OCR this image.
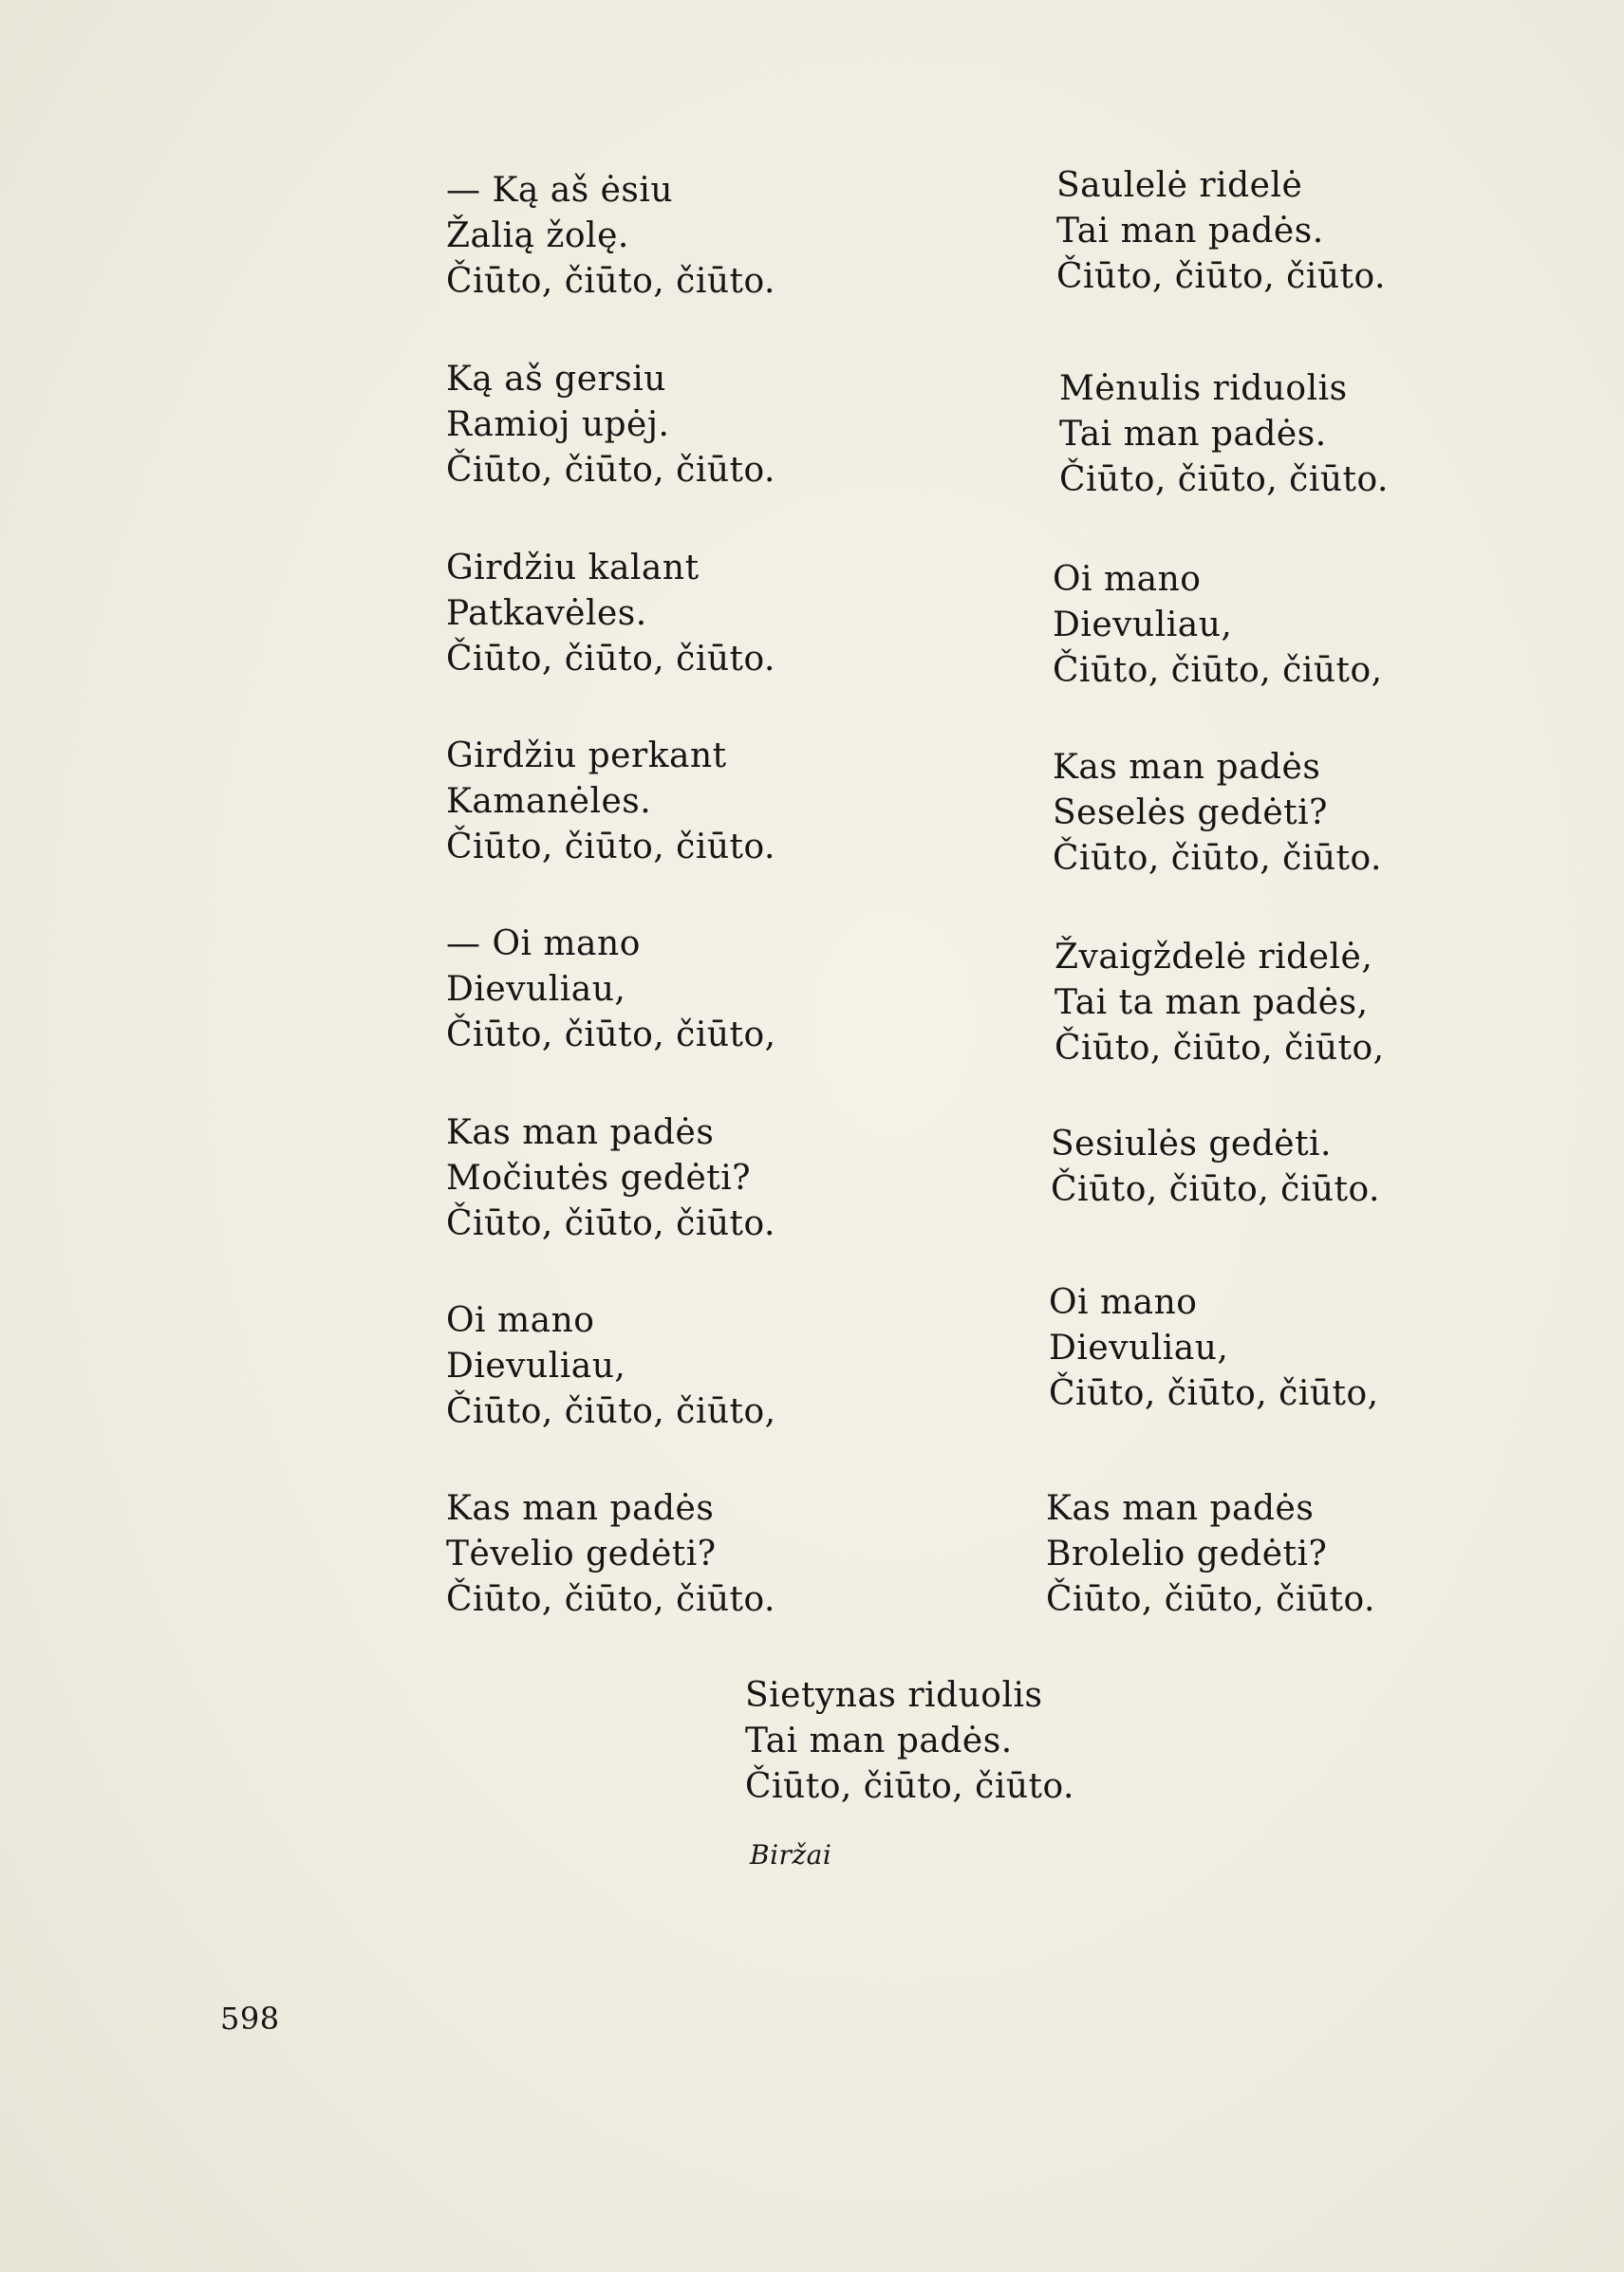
— Ką aš ėsiu
Žalią žolę.
Čiūto, čiūto, čiūto.
Ką aš gersiu
Ramioj upėj.
Čiūto, čiūto, čiūto.
Girdžiu kalant
Patkavėles.
Čiūto, čiūto, čiūto.
Girdžiu perkant
Kamanėles.
Čiūto, čiūto, čiūto.
— Oi mano
Dievuliau,
Čiūto, čiūto, čiūto,
Kas man padės
Močiutės gedėti?
Čiūto, čiūto, čiūto.
Oi mano
Dievuliau,
Čiūto, čiūto, čiūto,
Kas man padės
Tėvelio gedėti?
Čiūto, čiūto, čiūto.
Saulelė ridelė
Tai man padės.
Čiūto, čiūto, čiūto.
Mėnulis riduolis
Tai man padės.
Čiūto, čiūto, čiūto.
Oi mano
Dievuliau,
Čiūto, čiūto, čiūto,
Kas man padės
Seselės gedėti?
Čiūto, čiūto, čiūto.
Žvaigždelė ridelė,
Tai ta man padės,
Čiūto, čiūto, čiūto,
Sesiulės gedėti.
Čiūto, čiūto, čiūto.
Oi mano
Dievuliau,
Čiūto, čiūto, čiūto,
Kas man padės
Brolelio gedėti?
Čiūto, čiūto, čiūto.
Sietynas riduolis
Tai man padės.
Čiūto, čiūto, čiūto.
Biržai
598
